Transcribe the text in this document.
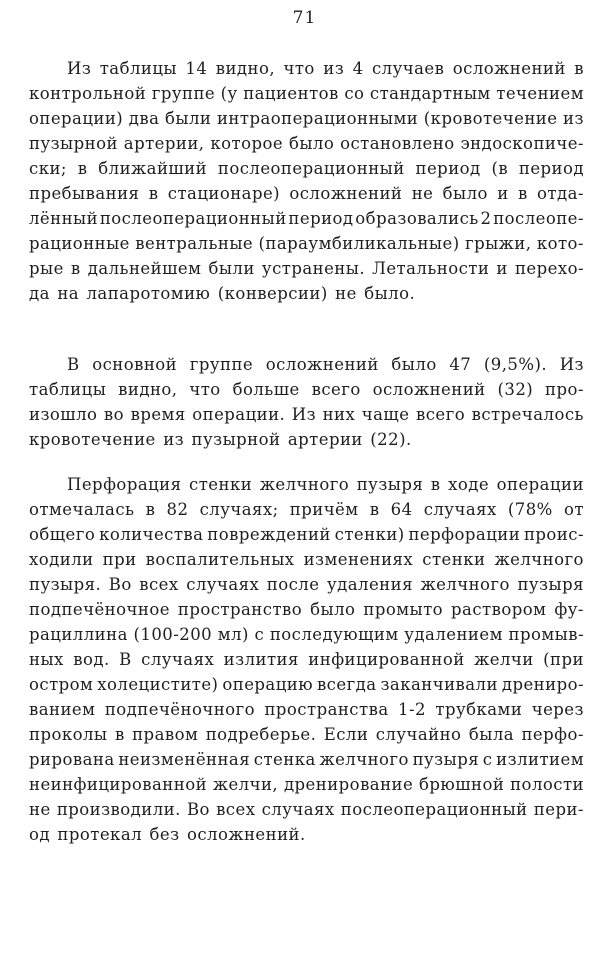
71
Из таблицы 14 видно, что из 4 случаев осложнений в
контрольной группе (у пациентов со стандартным течением
операции) два были интраоперационными (кровотечение из
пузырной артерии, которое было остановлено эндоскопиче-
ски; в ближайший послеоперационный период (в период
пребывания в стационаре) осложнений не было и в отда-
лённый послеоперационный период образовались 2 послеопе-
рационные вентральные (параумбиликальные) грыжи, кото-
рые в дальнейшем были устранены. Летальности и перехо-
да на лапаротомию (конверсии) не было.
В основной группе осложнений было 47 (9,5%). Из
таблицы видно, что больше всего осложнений (32) про-
изошло во время операции. Из них чаще всего встречалось
кровотечение из пузырной артерии (22).
Перфорация стенки желчного пузыря в ходе операции
отмечалась в 82 случаях; причём в 64 случаях (78% от
общего количества повреждений стенки) перфорации проис-
ходили при воспалительных изменениях стенки желчного
пузыря. Во всех случаях после удаления желчного пузыря
подпечёночное пространство было промыто раствором фу-
рациллина (100-200 мл) с последующим удалением промыв-
ных вод. В случаях излития инфицированной желчи (при
остром холецистите) операцию всегда заканчивали дрениро-
ванием подпечёночного пространства 1-2 трубками через
проколы в правом подреберье. Если случайно была перфо-
рирована неизменённая стенка желчного пузыря с излитием
неинфицированной желчи, дренирование брюшной полости
не производили. Во всех случаях послеоперационный пери-
од протекал без осложнений.
